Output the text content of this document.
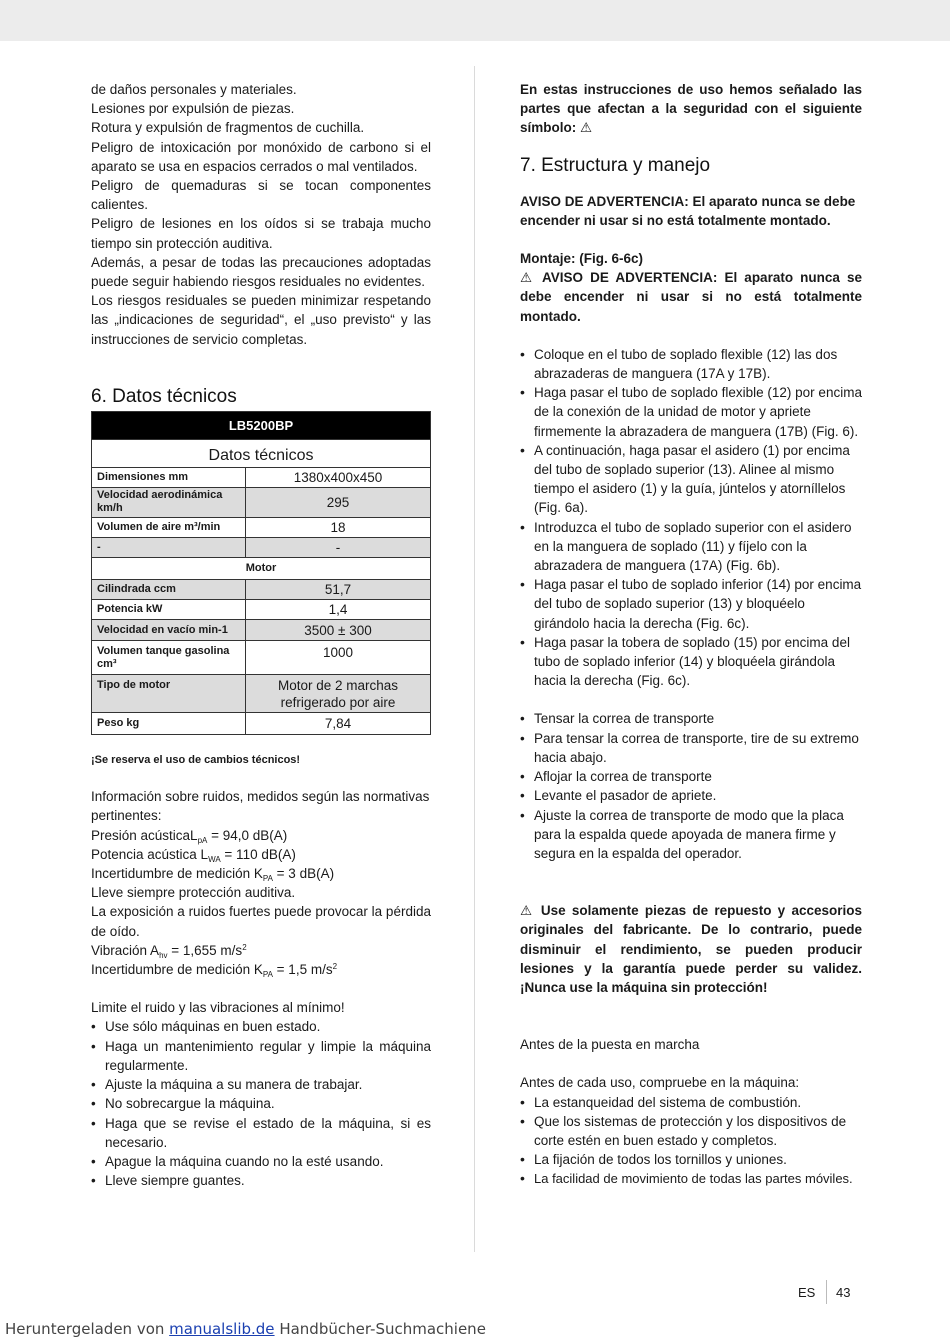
de daños personales y materiales.

Lesiones por expulsión de piezas.

Rotura y expulsión de fragmentos de cuchilla.

Peligro de intoxicación por monóxido de carbono si el aparato se usa en espacios cerrados o mal ventilados.

Peligro de quemaduras si se tocan componentes calientes.

Peligro de lesiones en los oídos si se trabaja mucho tiempo sin protección auditiva.

Además, a pesar de todas las precauciones adoptadas puede seguir habiendo riesgos residuales no evidentes.

Los riesgos residuales se pueden minimizar respetando las „indicaciones de seguridad“, el „uso previsto“ y las instrucciones de servicio completas.

6. Datos técnicos
LB5200BP	
Datos técnicos	
Dimensiones mm	1380x400x450
Velocidad aerodinámica km/h	295
Volumen de aire m³/min	18
-	-
Motor	
Cilindrada ccm	51,7
Potencia kW	1,4
Velocidad en vacío min-1	3500 ± 300
Volumen tanque gasolina cm³	1000
Tipo de motor	Motor de 2 marchas refrigerado por aire
Peso kg	7,84

¡Se reserva el uso de cambios técnicos!

Información sobre ruidos, medidos según las normativas pertinentes:

Presión acústicaL$_{pA}$ = 94,0 dB(A)

Potencia acústica $L_{WA} = 110$ dB(A)

Incertidumbre de medición $K_{PA} = 3$ dB(A)

Lleve siempre protección auditiva.

La exposición a ruidos fuertes puede provocar la pérdida de oído.

Vibración $A_{hv} = 1,655$ $m/s^2$

Incertidumbre de medición $K_{PA} = 1,5$ $m/s^2$

Limite el ruido y las vibraciones al mínimo!

• Use sólo máquinas en buen estado.
• Haga un mantenimiento regular y limpie la máquina regularmente.
• Ajuste la máquina a su manera de trabajar.
• No sobrecargue la máquina.
• Haga que se revise el estado de la máquina, si es necesario.
• Apague la máquina cuando no la esté usando.
• Lleve siempre guantes.

En estas instrucciones de uso hemos señalado las partes que afectan a la seguridad con el siguiente símbolo: ⚠

7. Estructura y manejo

AVISO DE ADVERTENCIA: El aparato nunca se debe encender ni usar si no está totalmente montado.

Montaje: (Fig. 6-6c)

⚠ AVISO DE ADVERTENCIA: El aparato nunca se debe encender ni usar si no está totalmente montado.

• Coloque en el tubo de soplado flexible (12) las dos abrazaderas de manguera (17A y 17B).
• Haga pasar el tubo de soplado flexible (12) por encima de la conexión de la unidad de motor y apriete firmemente la abrazadera de manguera (17B) (Fig. 6).
• A continuación, haga pasar el asidero (1) por encima del tubo de soplado superior (13). Alinee al mismo tiempo el asidero (1) y la guía, júntelos y atorníllelos (Fig. 6a).
• Introduzca el tubo de soplado superior con el asidero en la manguera de soplado (11) y fíjelo con la abrazadera de manguera (17A) (Fig. 6b).
• Haga pasar el tubo de soplado inferior (14) por encima del tubo de soplado superior (13) y bloquéelo girándolo hacia la derecha (Fig. 6c).
• Haga pasar la tobera de soplado (15) por encima del tubo de soplado inferior (14) y bloquéela girándola hacia la derecha (Fig. 6c).
• Tensar la correa de transporte
• Para tensar la correa de transporte, tire de su extremo hacia abajo.
• Aflojar la correa de transporte
• Levante el pasador de apriete.
• Ajuste la correa de transporte de modo que la placa para la espalda quede apoyada de manera firme y segura en la espalda del operador.

⚠ Use solamente piezas de repuesto y accesorios originales del fabricante. De lo contrario, puede disminuir el rendimiento, se pueden producir lesiones y la garantía puede perder su validez. ¡Nunca use la máquina sin protección!

Antes de la puesta en marcha

Antes de cada uso, compruebe en la máquina:

• La estanqueidad del sistema de combustión.
• Que los sistemas de protección y los dispositivos de corte estén en buen estado y completos.
• La fijación de todos los tornillos y uniones.
• La facilidad de movimiento de todas las partes móviles.
ES 43
Heruntergeladen von manualslib.de Handbücher-Suchmachiene
